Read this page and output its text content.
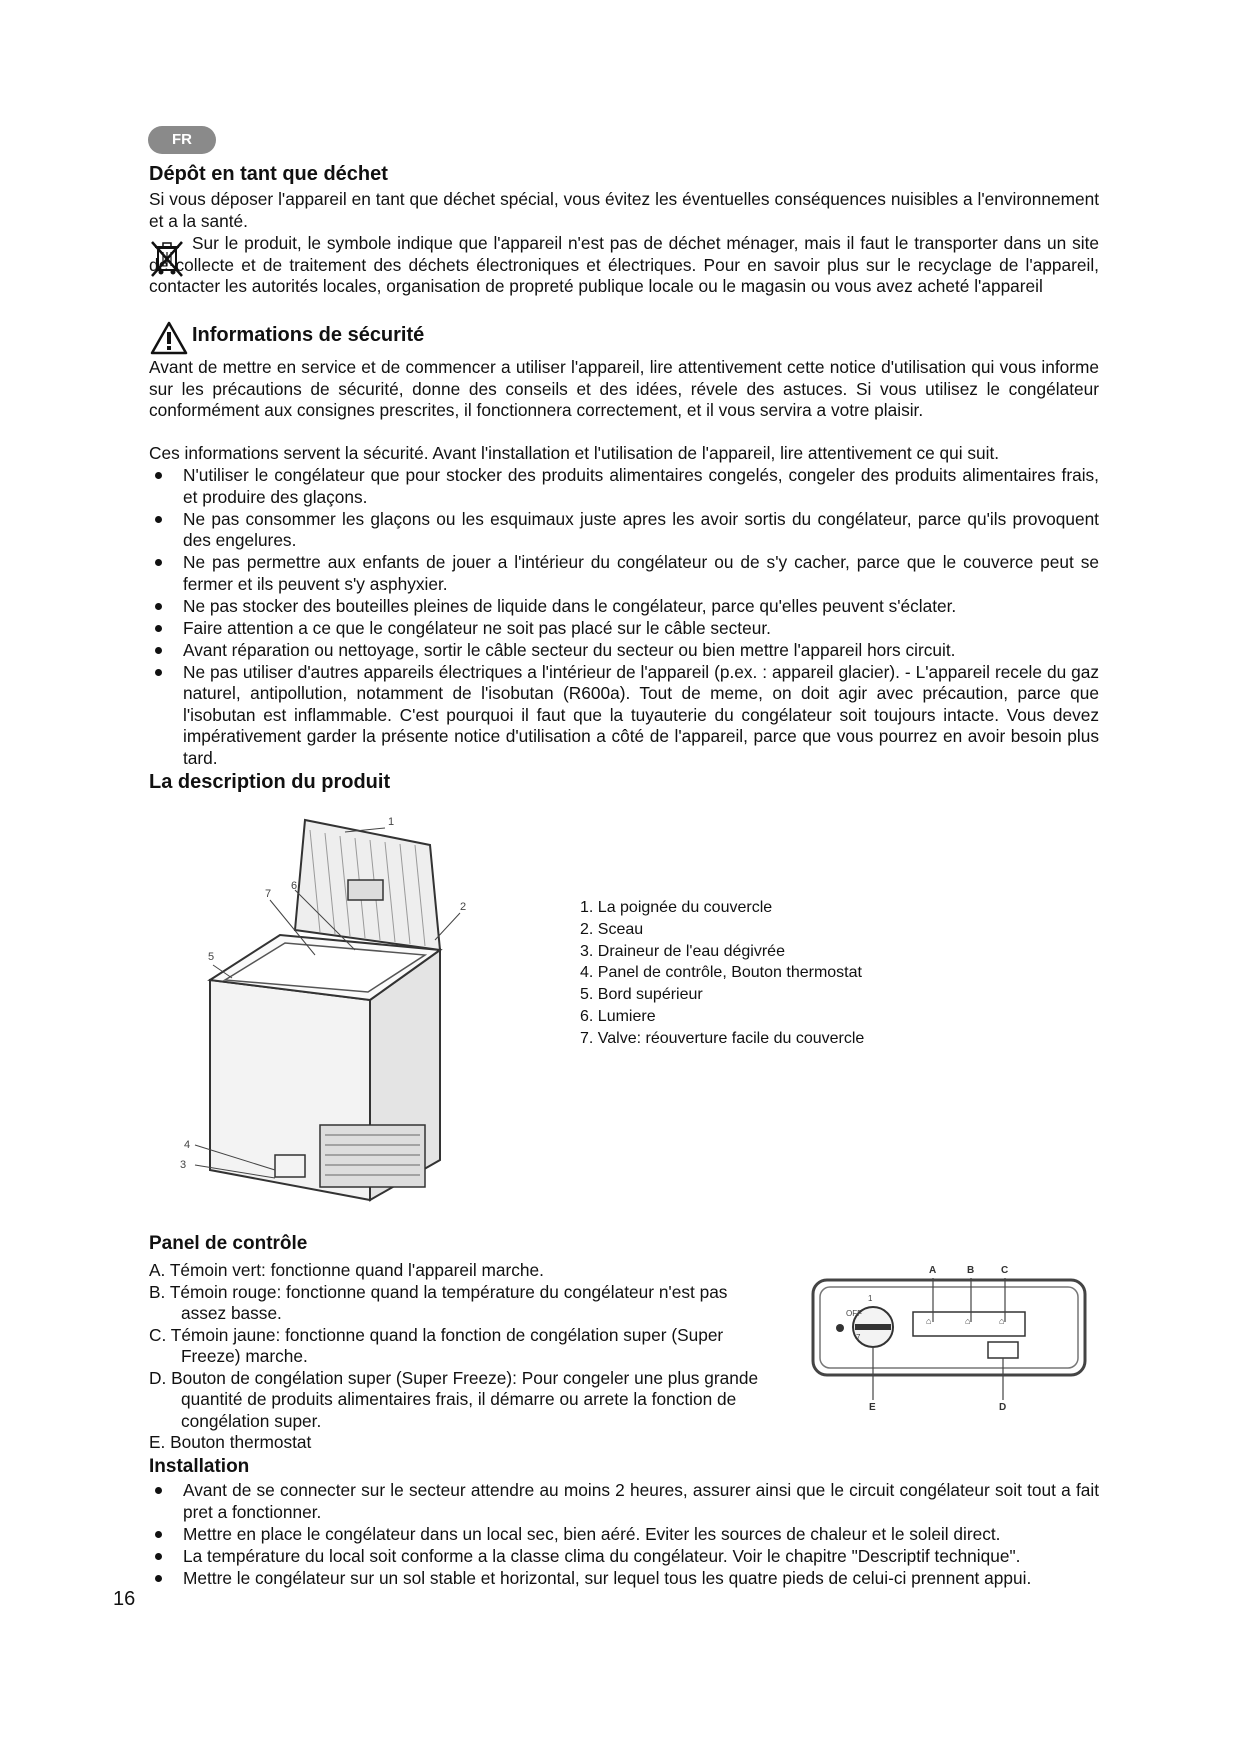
FR
Dépôt en tant que déchet

Si vous déposer l'appareil en tant que déchet spécial, vous évitez les éventuelles conséquences nuisibles a l'environnement et a la santé.

Sur le produit, le symbole indique que l'appareil n'est pas de déchet ménager, mais il faut le transporter dans un site de collecte et de traitement des déchets électroniques et électriques. Pour en savoir plus sur le recyclage de l'appareil, contacter les autorités locales, organisation de propreté publique locale ou le magasin ou vous avez acheté l'appareil

Informations de sécurité

Avant de mettre en service et de commencer a utiliser l'appareil, lire attentivement cette notice d'utilisation qui vous informe sur les précautions de sécurité, donne des conseils et des idées, révele des astuces. Si vous utilisez le congélateur conformément aux consignes prescrites, il fonctionnera correctement, et il vous servira a votre plaisir.

Ces informations servent la sécurité. Avant l'installation et l'utilisation de l'appareil, lire attentivement ce qui suit.

N'utiliser le congélateur que pour stocker des produits alimentaires congelés, congeler des produits alimentaires frais, et produire des glaçons.
Ne pas consommer les glaçons ou les esquimaux juste apres les avoir sortis du congélateur, parce qu'ils provoquent des engelures.
Ne pas permettre aux enfants de jouer a l'intérieur du congélateur ou de s'y cacher, parce que le couverce peut se fermer et ils peuvent s'y asphyxier.
Ne pas stocker des bouteilles pleines de liquide dans le congélateur, parce qu'elles peuvent s'éclater.
Faire attention a ce que le congélateur ne soit pas placé sur le câble secteur.
Avant réparation ou nettoyage, sortir le câble secteur du secteur ou bien mettre l'appareil hors circuit.
Ne pas utiliser d'autres appareils électriques a l'intérieur de l'appareil (p.ex. : appareil glacier). - L'appareil recele du gaz naturel, antipollution, notamment de l'isobutan (R600a). Tout de meme, on doit agir avec précaution, parce que l'isobutan est inflammable. C'est pourquoi il faut que la tuyauterie du congélateur soit toujours intacte. Vous devez impérativement garder la présente notice d'utilisation a côté de l'appareil, parce que vous pourrez en avoir besoin plus tard.
La description du produit
1
2
3
4
5
6
7
1. La poignée du couvercle
2. Sceau
3. Draineur de l'eau dégivrée
4. Panel de contrôle, Bouton thermostat
5. Bord supérieur
6. Lumiere
7. Valve: réouverture facile du couvercle
Panel de contrôle
A. Témoin vert: fonctionne quand l'appareil marche.
B. Témoin rouge: fonctionne quand la température du congélateur n'est pas assez basse.
C. Témoin jaune: fonctionne quand la fonction de congélation super (Super Freeze) marche.
D. Bouton de congélation super (Super Freeze): Pour congeler une plus grande quantité de produits alimentaires frais, il démarre ou arrete la fonction de congélation super.
E. Bouton thermostat
⌂	⌂	⌂
OFF
1
7
A	B	C
D
E
Installation
Avant de se connecter sur le secteur attendre au moins 2 heures, assurer ainsi que le circuit congélateur soit tout a fait pret a fonctionner.
Mettre en place le congélateur dans un local sec, bien aéré. Eviter les sources de chaleur et le soleil direct.
La température du local soit conforme a la classe clima du congélateur. Voir le chapitre "Descriptif technique".
Mettre le congélateur sur un sol stable et horizontal, sur lequel tous les quatre pieds de celui-ci prennent appui.
16
